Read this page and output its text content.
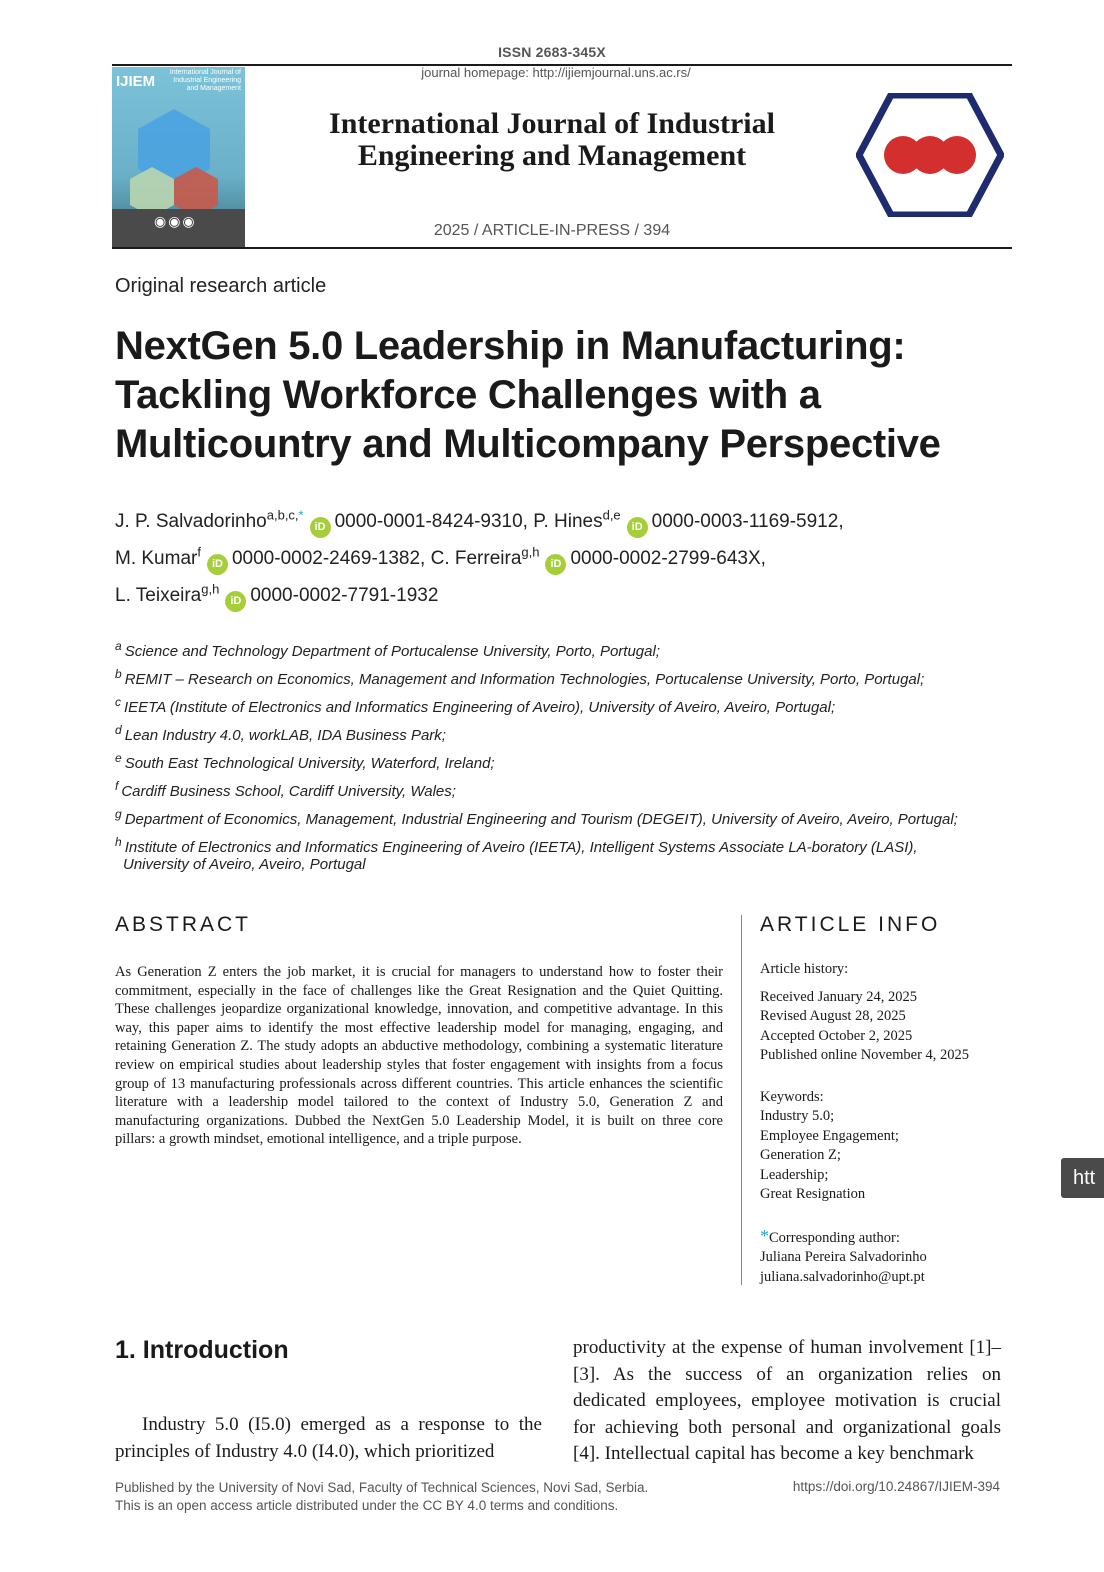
ISSN 2683-345X
journal homepage: http://ijiemjournal.uns.ac.rs/
IJIEM
International Journal of Industrial Engineering and Management
◉◉◉
International Journal of Industrial
Engineering and Management
2025 / ARTICLE-IN-PRESS / 394
Original research article
NextGen 5.0 Leadership in Manufacturing: Tackling Workforce Challenges with a Multicountry and Multicompany Perspective
J. P. Salvadorinho$^{a,b,c,*}$iD 0000-0001-8424-9310, P. Hines$^{d,e}$iD 0000-0003-1169-5912,
M. Kumar$^f$iD 0000-0002-2469-1382, C. Ferreira$^{g,h}$iD 0000-0002-2799-643X,
L. Teixeira$^{g,h}$iD 0000-0002-7791-1932
$^a$ Science and Technology Department of Portucalense University, Porto, Portugal;
$^b$ REMIT – Research on Economics, Management and Information Technologies, Portucalense University, Porto, Portugal;
$^c$ IEETA (Institute of Electronics and Informatics Engineering of Aveiro), University of Aveiro, Aveiro, Portugal;
$^d$ Lean Industry 4.0, workLAB, IDA Business Park;
$^e$ South East Technological University, Waterford, Ireland;
$^f$ Cardiff Business School, Cardiff University, Wales;
$^g$ Department of Economics, Management, Industrial Engineering and Tourism (DEGEIT), University of Aveiro, Aveiro, Portugal;
$^h$ Institute of Electronics and Informatics Engineering of Aveiro (IEETA), Intelligent Systems Associate LA-boratory (LASI),
University of Aveiro, Aveiro, Portugal
ABSTRACT
As Generation Z enters the job market, it is crucial for managers to understand how to foster their commitment, especially in the face of challenges like the Great Resignation and the Quiet Quitting. These challenges jeopardize organizational knowledge, innovation, and competitive advantage. In this way, this paper aims to identify the most effective leadership model for managing, engaging, and retaining Generation Z. The study adopts an abductive methodology, combining a systematic literature review on empirical studies about leadership styles that foster engagement with insights from a focus group of 13 manufacturing professionals across different countries. This article enhances the scientific literature with a leadership model tailored to the context of Industry 5.0, Generation Z and manufacturing organizations. Dubbed the NextGen 5.0 Leadership Model, it is built on three core pillars: a growth mindset, emotional intelligence, and a triple purpose.
ARTICLE INFO
Article history:
Received January 24, 2025
Revised August 28, 2025
Accepted October 2, 2025
Published online November 4, 2025
Keywords:
Industry 5.0;
Employee Engagement;
Generation Z;
Leadership;
Great Resignation
*Corresponding author:
Juliana Pereira Salvadorinho
juliana.salvadorinho@upt.pt
1. Introduction
Industry 5.0 (I5.0) emerged as a response to the principles of Industry 4.0 (I4.0), which prioritized
productivity at the expense of human involvement [1]–[3]. As the success of an organization relies on dedicated employees, employee motivation is crucial for achieving both personal and organizational goals [4]. Intellectual capital has become a key benchmark
Published by the University of Novi Sad, Faculty of Technical Sciences, Novi Sad, Serbia.
This is an open access article distributed under the CC BY 4.0 terms and conditions.
https://doi.org/10.24867/IJIEM-394
htt
